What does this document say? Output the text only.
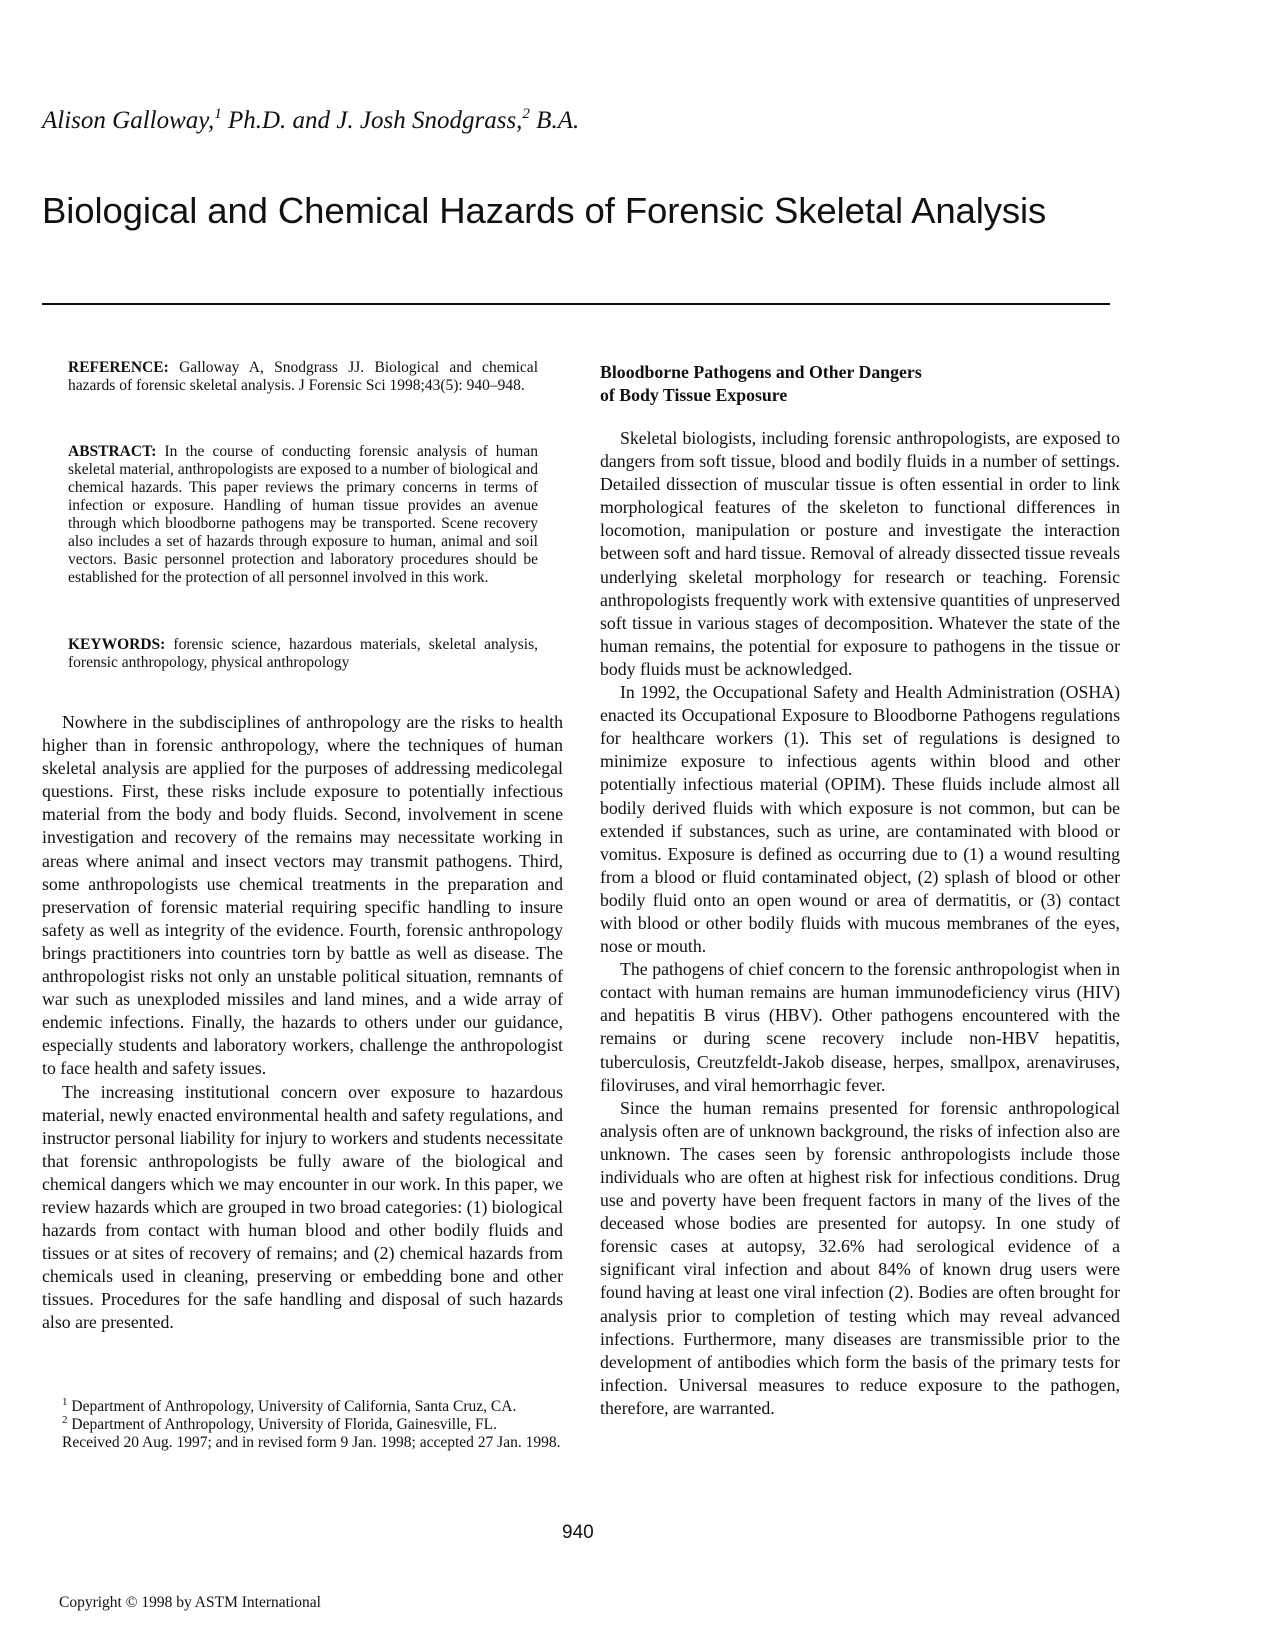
Alison Galloway,$^1$ Ph.D. and J. Josh Snodgrass,$^2$ B.A.
Biological and Chemical Hazards of Forensic Skeletal Analysis
REFERENCE: Galloway A, Snodgrass JJ. Biological and chemical hazards of forensic skeletal analysis. J Forensic Sci 1998;43(5): 940–948.
ABSTRACT: In the course of conducting forensic analysis of human skeletal material, anthropologists are exposed to a number of biological and chemical hazards. This paper reviews the primary concerns in terms of infection or exposure. Handling of human tissue provides an avenue through which bloodborne pathogens may be transported. Scene recovery also includes a set of hazards through exposure to human, animal and soil vectors. Basic personnel protection and laboratory procedures should be established for the protection of all personnel involved in this work.
KEYWORDS: forensic science, hazardous materials, skeletal analysis, forensic anthropology, physical anthropology

Nowhere in the subdisciplines of anthropology are the risks to health higher than in forensic anthropology, where the techniques of human skeletal analysis are applied for the purposes of addressing medicolegal questions. First, these risks include exposure to potentially infectious material from the body and body fluids. Second, involvement in scene investigation and recovery of the remains may necessitate working in areas where animal and insect vectors may transmit pathogens. Third, some anthropologists use chemical treatments in the preparation and preservation of forensic material requiring specific handling to insure safety as well as integrity of the evidence. Fourth, forensic anthropology brings practitioners into countries torn by battle as well as disease. The anthropologist risks not only an unstable political situation, remnants of war such as unexploded missiles and land mines, and a wide array of endemic infections. Finally, the hazards to others under our guidance, especially students and laboratory workers, challenge the anthropologist to face health and safety issues.

The increasing institutional concern over exposure to hazardous material, newly enacted environmental health and safety regulations, and instructor personal liability for injury to workers and students necessitate that forensic anthropologists be fully aware of the biological and chemical dangers which we may encounter in our work. In this paper, we review hazards which are grouped in two broad categories: (1) biological hazards from contact with human blood and other bodily fluids and tissues or at sites of recovery of remains; and (2) chemical hazards from chemicals used in cleaning, preserving or embedding bone and other tissues. Procedures for the safe handling and disposal of such hazards also are presented.

$^1$ Department of Anthropology, University of California, Santa Cruz, CA.

$^2$ Department of Anthropology, University of Florida, Gainesville, FL.

Received 20 Aug. 1997; and in revised form 9 Jan. 1998; accepted 27 Jan. 1998.

Bloodborne Pathogens and Other Dangers
of Body Tissue Exposure

Skeletal biologists, including forensic anthropologists, are exposed to dangers from soft tissue, blood and bodily fluids in a number of settings. Detailed dissection of muscular tissue is often essential in order to link morphological features of the skeleton to functional differences in locomotion, manipulation or posture and investigate the interaction between soft and hard tissue. Removal of already dissected tissue reveals underlying skeletal morphology for research or teaching. Forensic anthropologists frequently work with extensive quantities of unpreserved soft tissue in various stages of decomposition. Whatever the state of the human remains, the potential for exposure to pathogens in the tissue or body fluids must be acknowledged.

In 1992, the Occupational Safety and Health Administration (OSHA) enacted its Occupational Exposure to Bloodborne Pathogens regulations for healthcare workers (1). This set of regulations is designed to minimize exposure to infectious agents within blood and other potentially infectious material (OPIM). These fluids include almost all bodily derived fluids with which exposure is not common, but can be extended if substances, such as urine, are contaminated with blood or vomitus. Exposure is defined as occurring due to (1) a wound resulting from a blood or fluid contaminated object, (2) splash of blood or other bodily fluid onto an open wound or area of dermatitis, or (3) contact with blood or other bodily fluids with mucous membranes of the eyes, nose or mouth.

The pathogens of chief concern to the forensic anthropologist when in contact with human remains are human immunodeficiency virus (HIV) and hepatitis B virus (HBV). Other pathogens encountered with the remains or during scene recovery include non-HBV hepatitis, tuberculosis, Creutzfeldt-Jakob disease, herpes, smallpox, arenaviruses, filoviruses, and viral hemorrhagic fever.

Since the human remains presented for forensic anthropological analysis often are of unknown background, the risks of infection also are unknown. The cases seen by forensic anthropologists include those individuals who are often at highest risk for infectious conditions. Drug use and poverty have been frequent factors in many of the lives of the deceased whose bodies are presented for autopsy. In one study of forensic cases at autopsy, 32.6% had serological evidence of a significant viral infection and about 84% of known drug users were found having at least one viral infection (2). Bodies are often brought for analysis prior to completion of testing which may reveal advanced infections. Furthermore, many diseases are transmissible prior to the development of antibodies which form the basis of the primary tests for infection. Universal measures to reduce exposure to the pathogen, therefore, are warranted.

940
Copyright © 1998 by ASTM International
